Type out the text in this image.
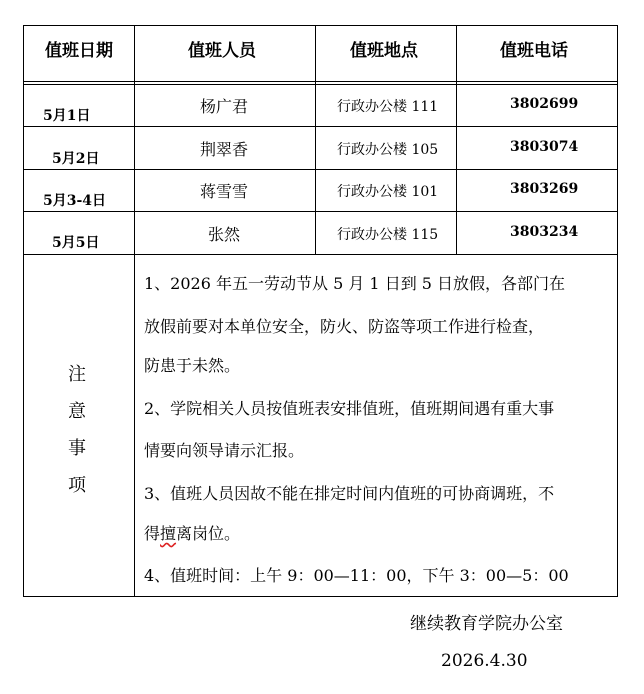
值班日期	值班人员	值班地点	值班电话
5月1日	杨广君	行政办公楼 111	3802699
5月2日	荆翠香	行政办公楼 105	3803074
5月3-4日	蒋雪雪	行政办公楼 101	3803269
5月5日	张然	行政办公楼 115	3803234
注
意
事
项
1、2026 年五一劳动节从 5 月 1 日到 5 日放假，各部门在
放假前要对本单位安全，防火、防盗等项工作进行检查，
防患于未然。
2、学院相关人员按值班表安排值班，值班期间遇有重大事
情要向领导请示汇报。
3、值班人员因故不能在排定时间内值班的可协商调班，不
得擅离岗位。
4、值班时间：上午 9：00—11：00，下午 3：00—5：00
继续教育学院办公室
2026.4.30
